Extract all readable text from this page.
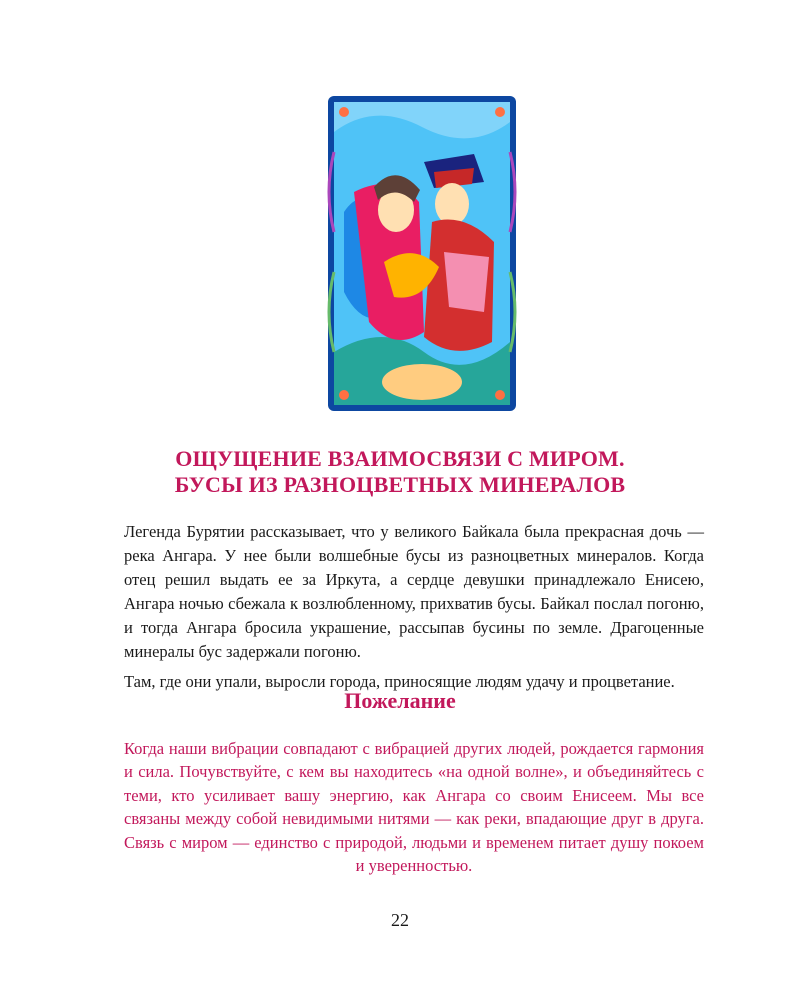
ОЩУЩЕНИЕ ВЗАИМОСВЯЗИ С МИРОМ.
БУСЫ ИЗ РАЗНОЦВЕТНЫХ МИНЕРАЛОВ

Легенда Бурятии рассказывает, что у великого Байкала была прекрасная дочь — река Ангара. У нее были волшебные бусы из разноцветных минералов. Когда отец решил выдать ее за Иркута, а сердце девушки принадлежало Енисею, Ангара ночью сбежала к возлюбленному, прихватив бусы. Байкал послал погоню, и тогда Ангара бросила украшение, рассыпав бусины по земле. Драгоценные минералы бус задержали погоню.

Там, где они упали, выросли города, приносящие людям удачу и процветание.

Пожелание

Когда наши вибрации совпадают с вибрацией других людей, рождается гармония и сила. Почувствуйте, с кем вы находитесь «на одной волне», и объединяйтесь с теми, кто усиливает вашу энергию, как Ангара со своим Енисеем. Мы все связаны между собой невидимыми нитями — как реки, впадающие друг в друга. Связь с миром — единство с природой, людьми и временем питает душу покоем и уверенностью.

22
